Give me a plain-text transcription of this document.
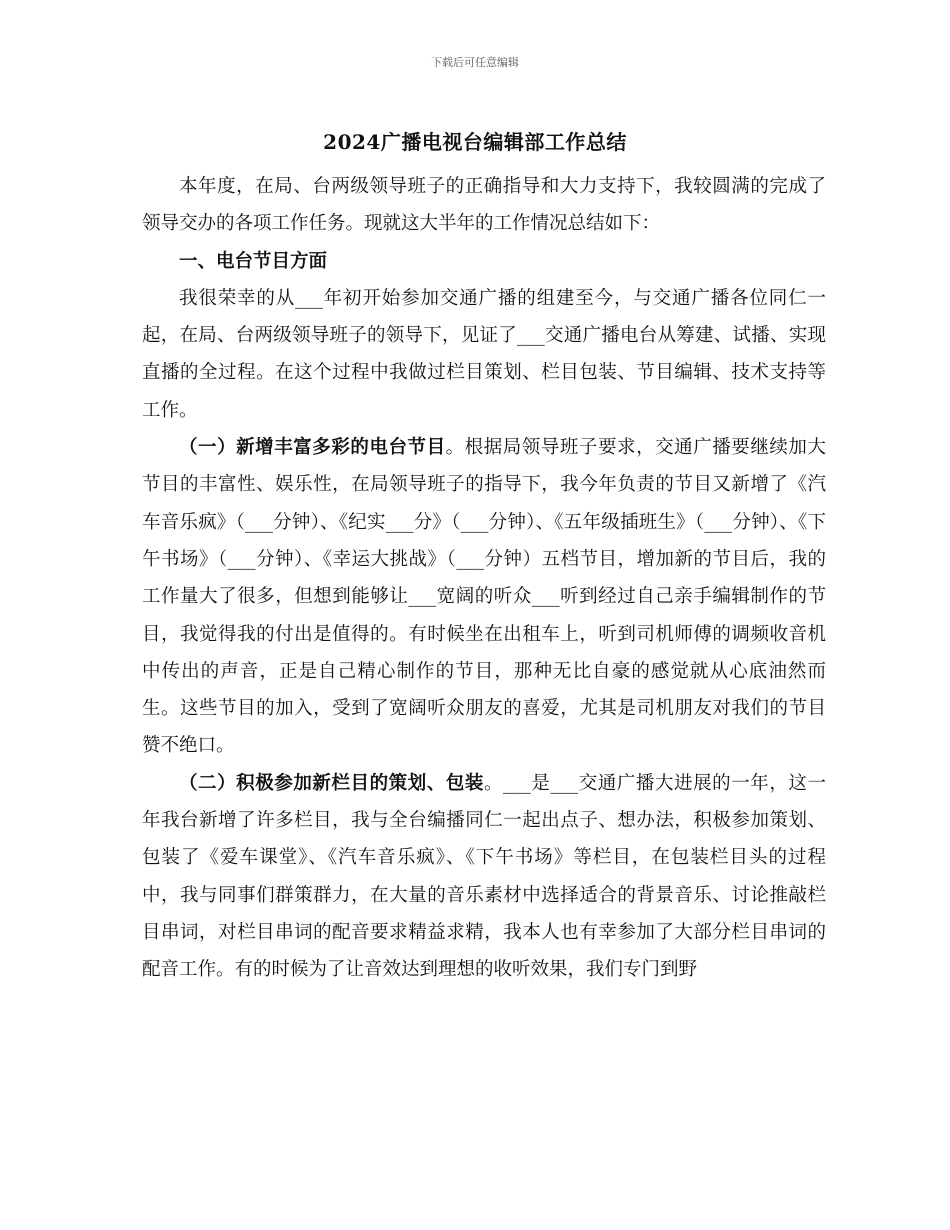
下载后可任意编辑
2024广播电视台编辑部工作总结

本年度，在局、台两级领导班子的正确指导和大力支持下，我较圆满的完成了领导交办的各项工作任务。现就这大半年的工作情况总结如下：

一、电台节目方面

我很荣幸的从___年初开始参加交通广播的组建至今，与交通广播各位同仁一起，在局、台两级领导班子的领导下，见证了___交通广播电台从筹建、试播、实现直播的全过程。在这个过程中我做过栏目策划、栏目包装、节目编辑、技术支持等工作。

（一）新增丰富多彩的电台节目。根据局领导班子要求，交通广播要继续加大节目的丰富性、娱乐性，在局领导班子的指导下，我今年负责的节目又新增了《汽车音乐疯》（___分钟）、《纪实___分》（___分钟）、《五年级插班生》（___分钟）、《下午书场》（___分钟）、《幸运大挑战》（___分钟）五档节目，增加新的节目后，我的工作量大了很多，但想到能够让___宽阔的听众___听到经过自己亲手编辑制作的节目，我觉得我的付出是值得的。有时候坐在出租车上，听到司机师傅的调频收音机中传出的声音，正是自己精心制作的节目，那种无比自豪的感觉就从心底油然而生。这些节目的加入，受到了宽阔听众朋友的喜爱，尤其是司机朋友对我们的节目赞不绝口。

（二）积极参加新栏目的策划、包装。___是___交通广播大进展的一年，这一年我台新增了许多栏目，我与全台编播同仁一起出点子、想办法，积极参加策划、包装了《爱车课堂》、《汽车音乐疯》、《下午书场》等栏目，在包装栏目头的过程中，我与同事们群策群力，在大量的音乐素材中选择适合的背景音乐、讨论推敲栏目串词，对栏目串词的配音要求精益求精，我本人也有幸参加了大部分栏目串词的配音工作。有的时候为了让音效达到理想的收听效果，我们专门到野
